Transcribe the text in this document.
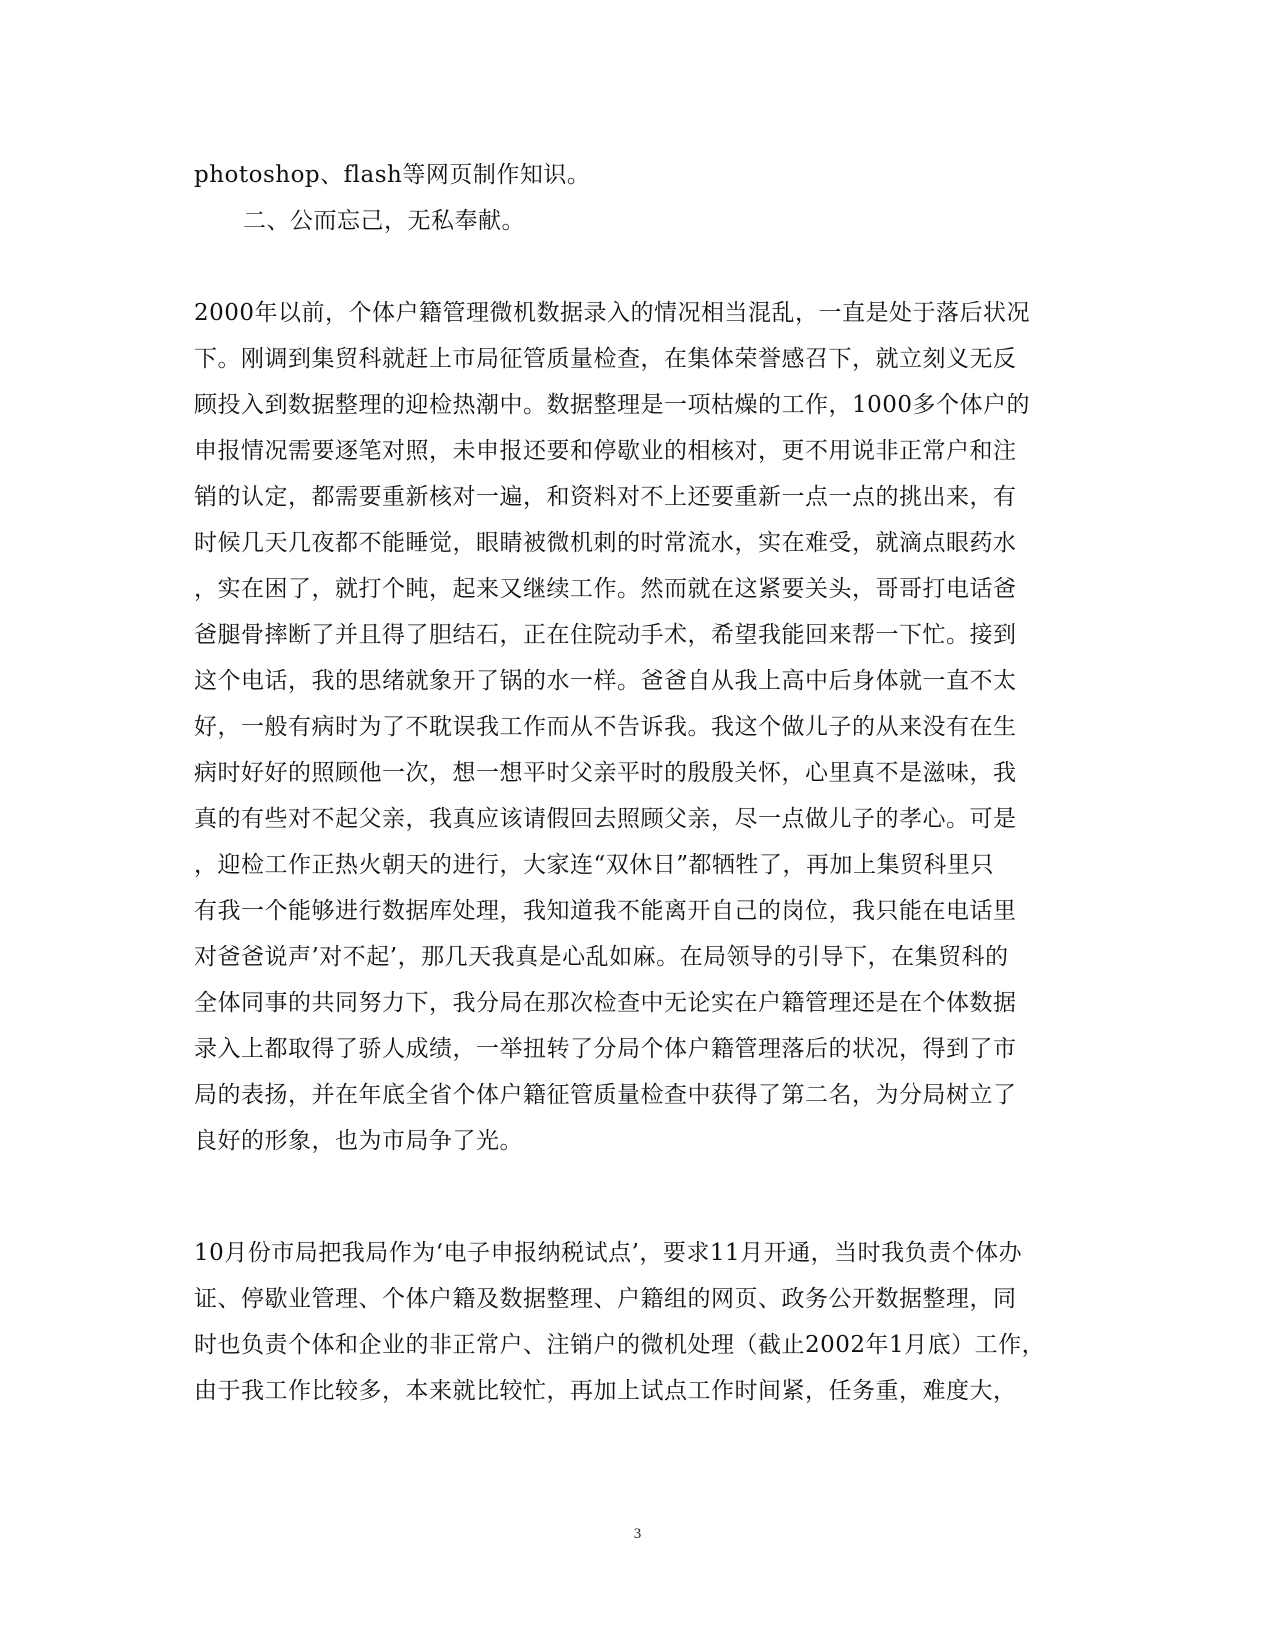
photoshop、flash等网页制作知识。
二、公而忘己，无私奉献。
2000年以前，个体户籍管理微机数据录入的情况相当混乱，一直是处于落后状况
下。刚调到集贸科就赶上市局征管质量检查，在集体荣誉感召下，就立刻义无反
顾投入到数据整理的迎检热潮中。数据整理是一项枯燥的工作，1000多个体户的
申报情况需要逐笔对照，未申报还要和停歇业的相核对，更不用说非正常户和注
销的认定，都需要重新核对一遍，和资料对不上还要重新一点一点的挑出来，有
时候几天几夜都不能睡觉，眼睛被微机刺的时常流水，实在难受，就滴点眼药水
，实在困了，就打个盹，起来又继续工作。然而就在这紧要关头，哥哥打电话爸
爸腿骨摔断了并且得了胆结石，正在住院动手术，希望我能回来帮一下忙。接到
这个电话，我的思绪就象开了锅的水一样。爸爸自从我上高中后身体就一直不太
好，一般有病时为了不耽误我工作而从不告诉我。我这个做儿子的从来没有在生
病时好好的照顾他一次，想一想平时父亲平时的殷殷关怀，心里真不是滋味，我
真的有些对不起父亲，我真应该请假回去照顾父亲，尽一点做儿子的孝心。可是
，迎检工作正热火朝天的进行，大家连“双休日”都牺牲了，再加上集贸科里只
有我一个能够进行数据库处理，我知道我不能离开自己的岗位，我只能在电话里
对爸爸说声’对不起’，那几天我真是心乱如麻。在局领导的引导下，在集贸科的
全体同事的共同努力下，我分局在那次检查中无论实在户籍管理还是在个体数据
录入上都取得了骄人成绩，一举扭转了分局个体户籍管理落后的状况，得到了市
局的表扬，并在年底全省个体户籍征管质量检查中获得了第二名，为分局树立了
良好的形象，也为市局争了光。
10月份市局把我局作为‘电子申报纳税试点’，要求11月开通，当时我负责个体办
证、停歇业管理、个体户籍及数据整理、户籍组的网页、政务公开数据整理，同
时也负责个体和企业的非正常户、注销户的微机处理（截止2002年1月底）工作，
由于我工作比较多，本来就比较忙，再加上试点工作时间紧，任务重，难度大，
3
